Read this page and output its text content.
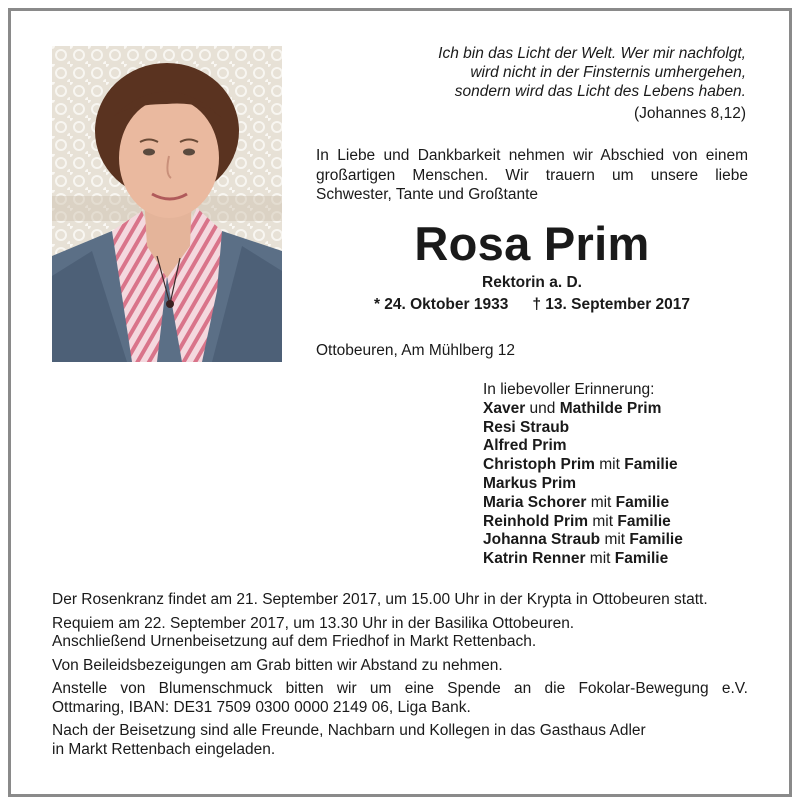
Ich bin das Licht der Welt. Wer mir nachfolgt,
wird nicht in der Finsternis umhergehen,
sondern wird das Licht des Lebens haben.
(Johannes 8,12)
In Liebe und Dankbarkeit nehmen wir Abschied von einem großartigen Menschen. Wir trauern um unsere liebe Schwester, Tante und Großtante
Rosa Prim
Rektorin a. D.
* 24. Oktober 1933 † 13. September 2017
Ottobeuren, Am Mühlberg 12
In liebevoller Erinnerung:
Xaver und Mathilde Prim
Resi Straub
Alfred Prim
Christoph Prim mit Familie
Markus Prim
Maria Schorer mit Familie
Reinhold Prim mit Familie
Johanna Straub mit Familie
Katrin Renner mit Familie

Der Rosenkranz findet am 21. September 2017, um 15.00 Uhr in der Krypta in Ottobeuren statt.

Requiem am 22. September 2017, um 13.30 Uhr in der Basilika Ottobeuren.
Anschließend Urnenbeisetzung auf dem Friedhof in Markt Rettenbach.

Von Beileidsbezeigungen am Grab bitten wir Abstand zu nehmen.

Anstelle von Blumenschmuck bitten wir um eine Spende an die Fokolar-Bewegung e.V.
Ottmaring, IBAN: DE31 7509 0300 0000 2149 06, Liga Bank.

Nach der Beisetzung sind alle Freunde, Nachbarn und Kollegen in das Gasthaus Adler
in Markt Rettenbach eingeladen.
